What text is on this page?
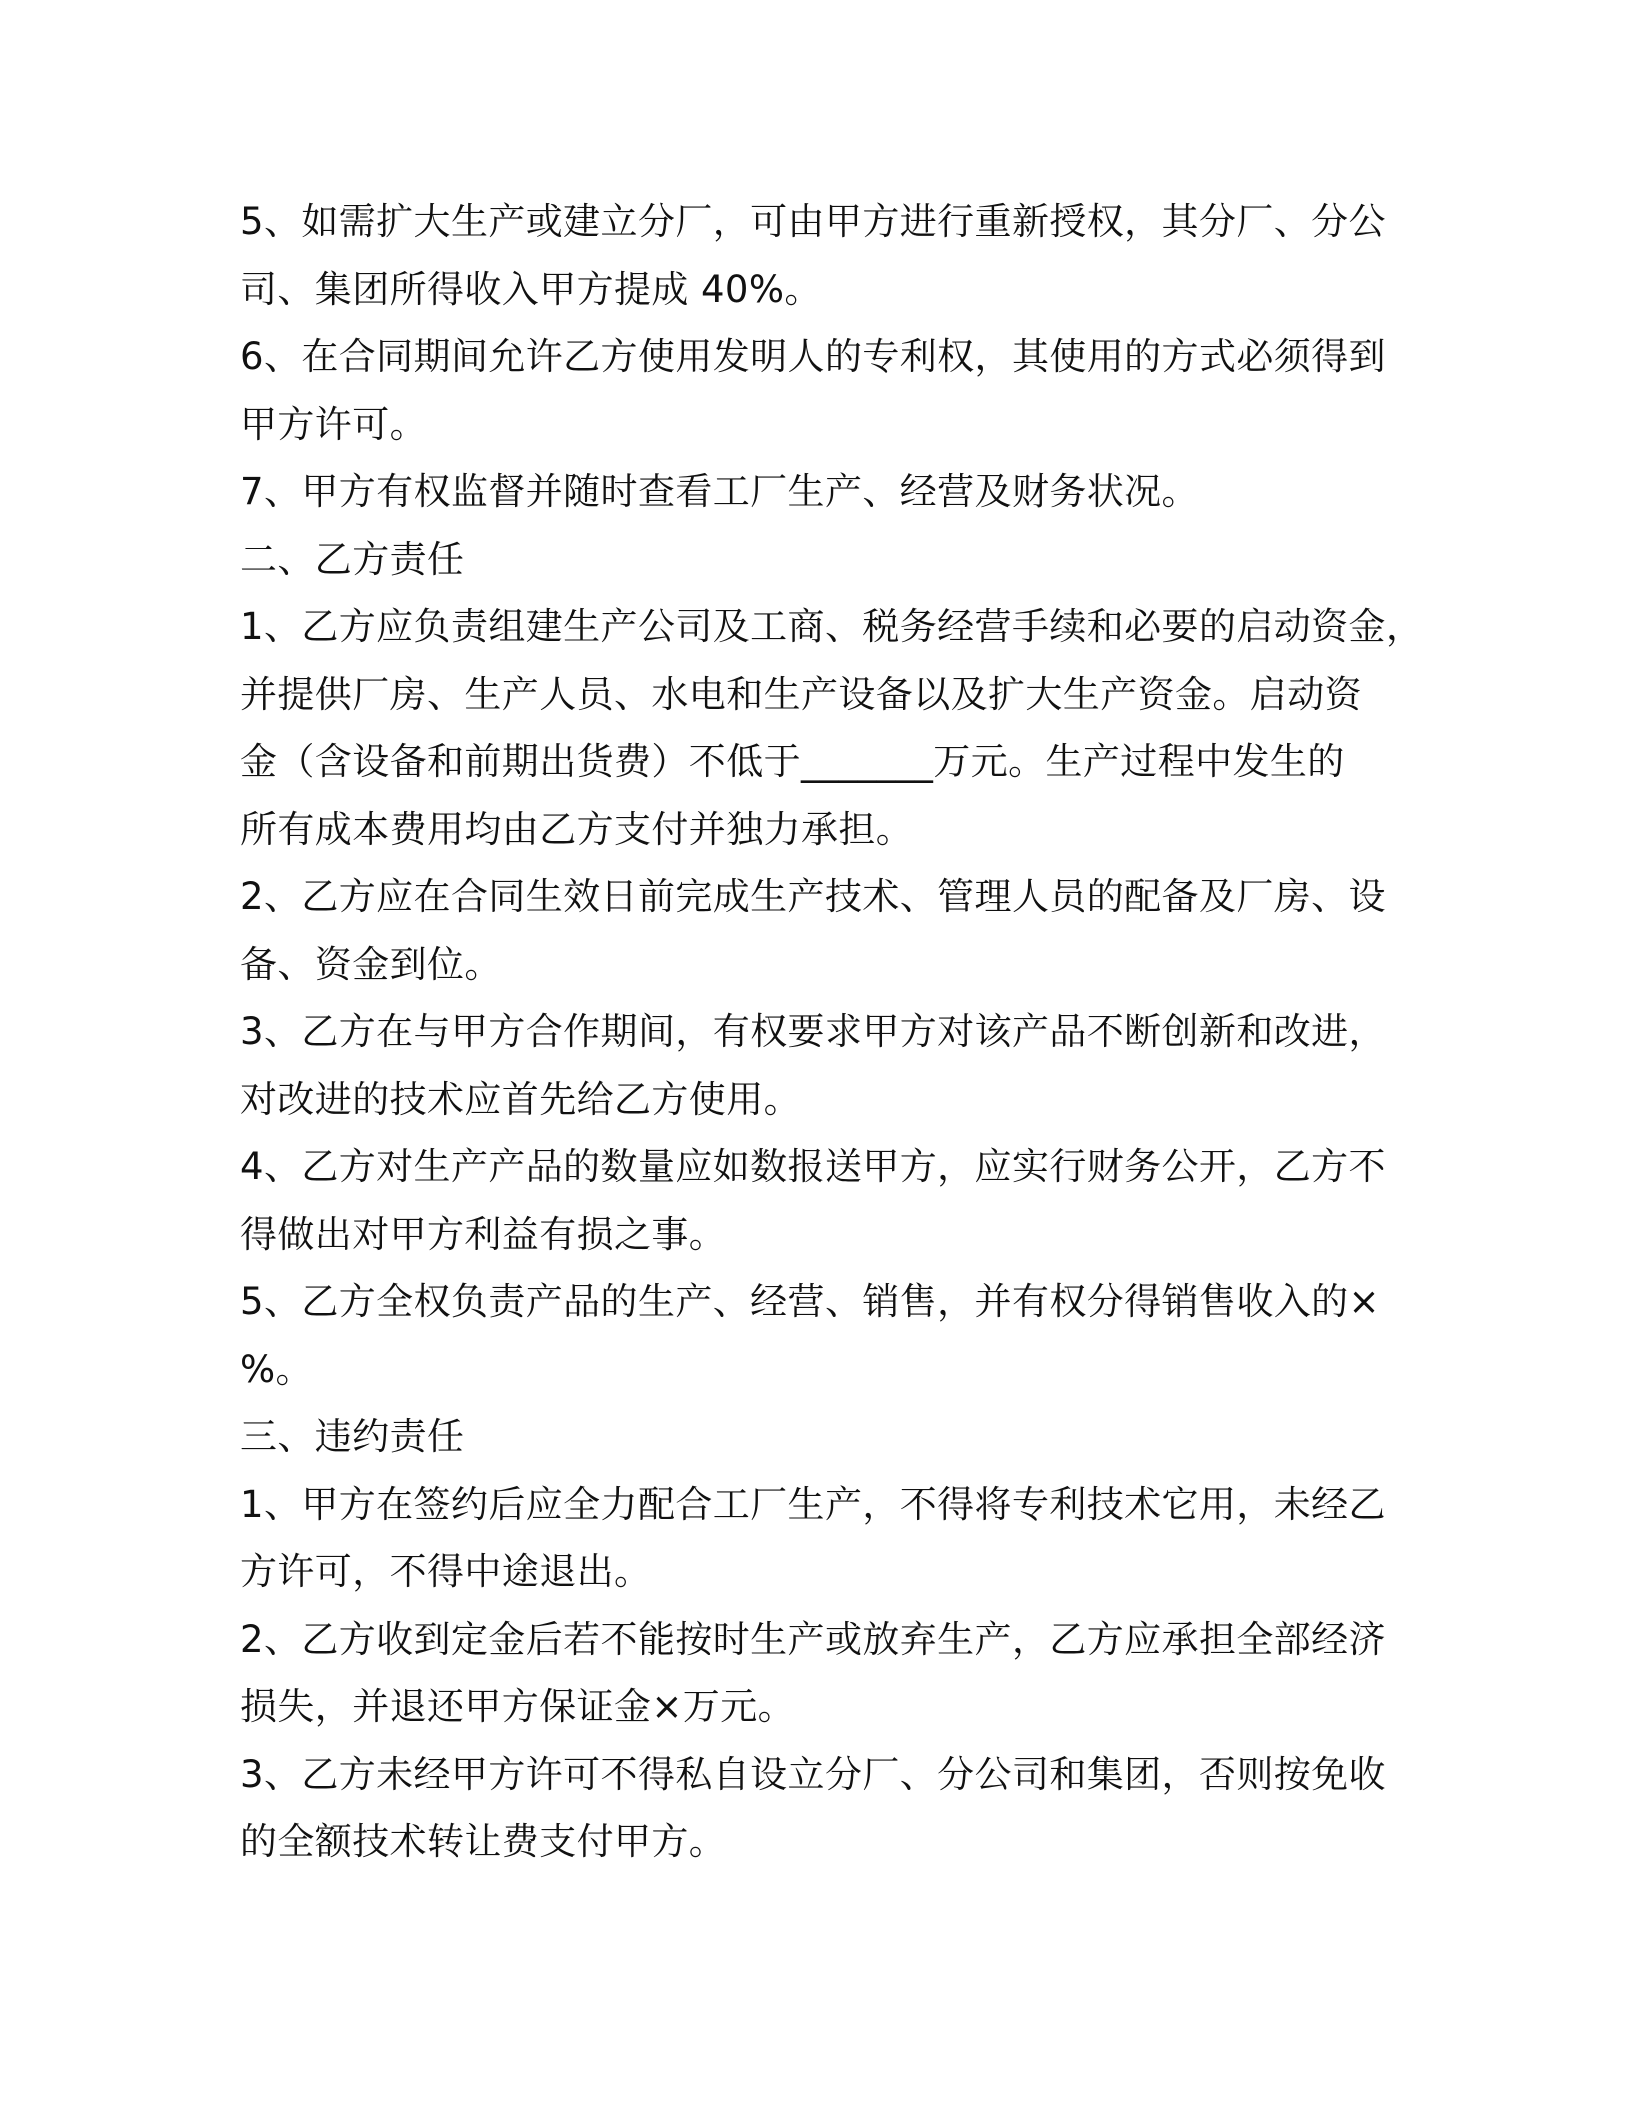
5、如需扩大生产或建立分厂，可由甲方进行重新授权，其分厂、分公
司、集团所得收入甲方提成 40%。
6、在合同期间允许乙方使用发明人的专利权，其使用的方式必须得到
甲方许可。
7、甲方有权监督并随时查看工厂生产、经营及财务状况。
二、乙方责任
1、乙方应负责组建生产公司及工商、税务经营手续和必要的启动资金，
并提供厂房、生产人员、水电和生产设备以及扩大生产资金。启动资
金（含设备和前期出货费）不低于_______万元。生产过程中发生的
所有成本费用均由乙方支付并独力承担。
2、乙方应在合同生效日前完成生产技术、管理人员的配备及厂房、设
备、资金到位。
3、乙方在与甲方合作期间，有权要求甲方对该产品不断创新和改进，
对改进的技术应首先给乙方使用。
4、乙方对生产产品的数量应如数报送甲方，应实行财务公开，乙方不
得做出对甲方利益有损之事。
5、乙方全权负责产品的生产、经营、销售，并有权分得销售收入的×
%。
三、违约责任
1、甲方在签约后应全力配合工厂生产，不得将专利技术它用，未经乙
方许可，不得中途退出。
2、乙方收到定金后若不能按时生产或放弃生产，乙方应承担全部经济
损失，并退还甲方保证金×万元。
3、乙方未经甲方许可不得私自设立分厂、分公司和集团，否则按免收
的全额技术转让费支付甲方。
